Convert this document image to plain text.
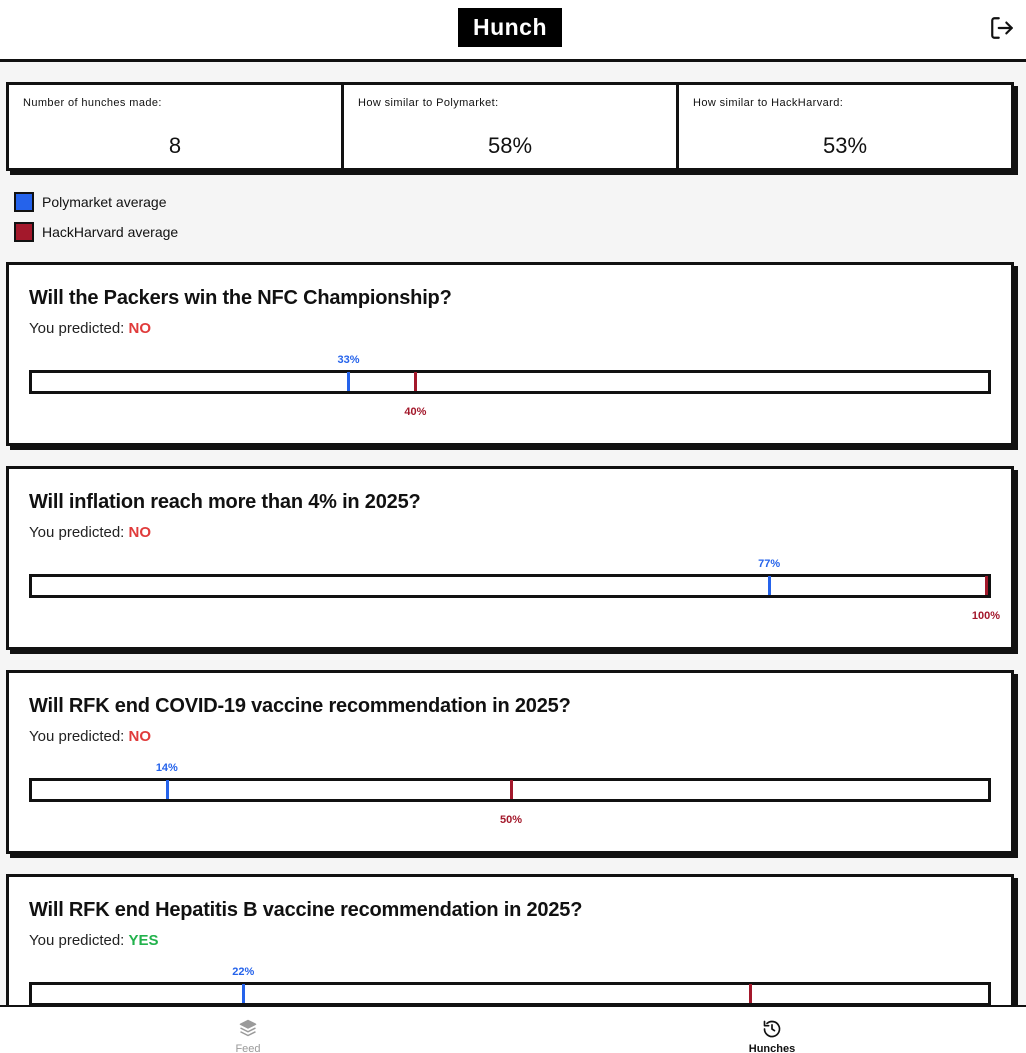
Hunch
Number of hunches made:
8
How similar to Polymarket:
58%
How similar to HackHarvard:
53%
Polymarket average
HackHarvard average
Will the Packers win the NFC Championship?
You predicted: NO
33%
40%
Will inflation reach more than 4% in 2025?
You predicted: NO
77%
100%
Will RFK end COVID-19 vaccine recommendation in 2025?
You predicted: NO
14%
50%
Will RFK end Hepatitis B vaccine recommendation in 2025?
You predicted: YES
22%
Feed	Hunches
